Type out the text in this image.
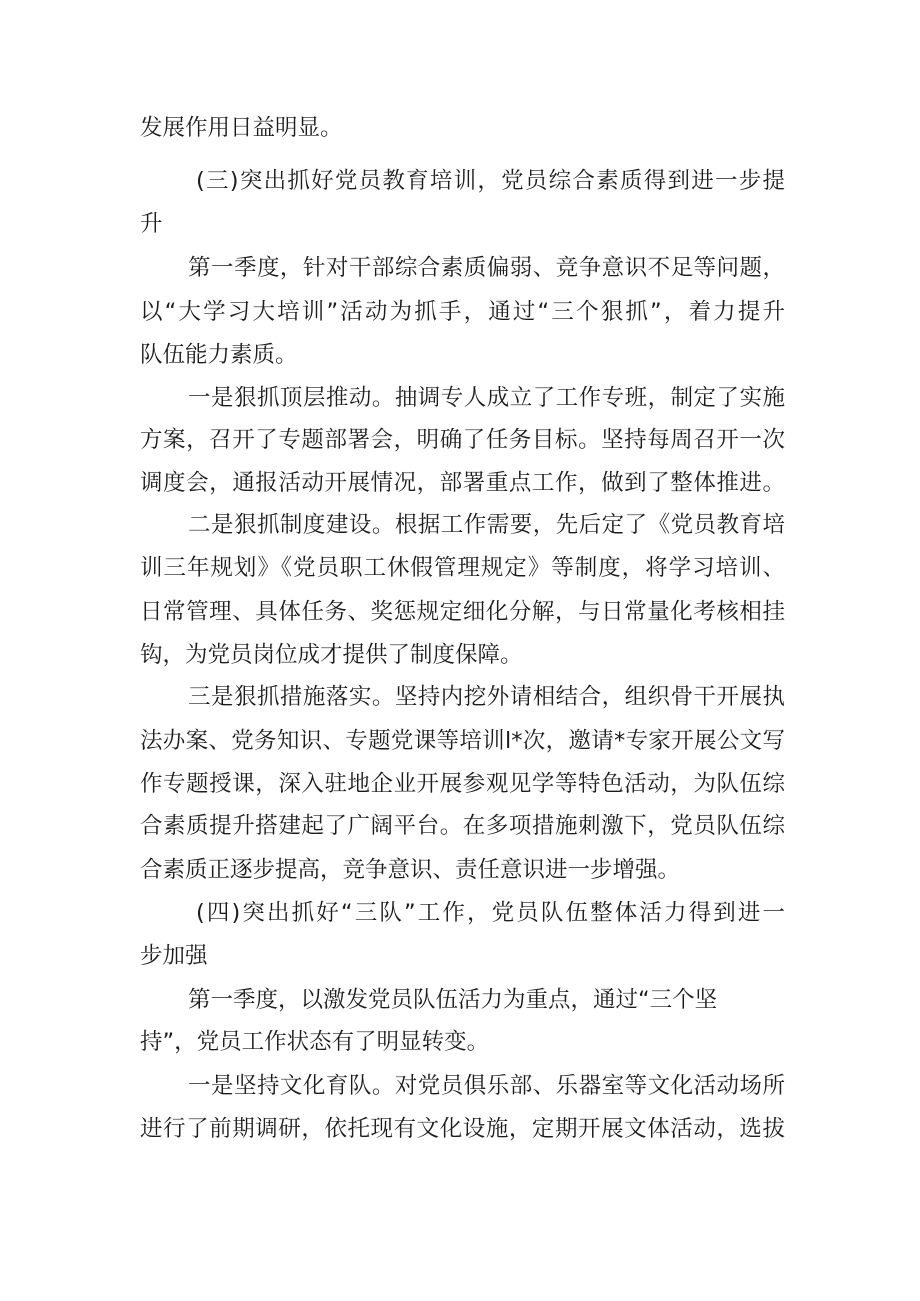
发展作用日益明显。
(三)突出抓好党员教育培训，党员综合素质得到进一步提
升
第一季度，针对干部综合素质偏弱、竞争意识不足等问题，
以“大学习大培训”活动为抓手，通过“三个狠抓”，着力提升
队伍能力素质。
一是狠抓顶层推动。抽调专人成立了工作专班，制定了实施
方案，召开了专题部署会，明确了任务目标。坚持每周召开一次
调度会，通报活动开展情况，部署重点工作，做到了整体推进。
二是狠抓制度建设。根据工作需要，先后定了《党员教育培
训三年规划》《党员职工休假管理规定》等制度，将学习培训、
日常管理、具体任务、奖惩规定细化分解，与日常量化考核相挂
钩，为党员岗位成才提供了制度保障。
三是狠抓措施落实。坚持内挖外请相结合，组织骨干开展执
法办案、党务知识、专题党课等培训l*次，邀请*专家开展公文写
作专题授课，深入驻地企业开展参观见学等特色活动，为队伍综
合素质提升搭建起了广阔平台。在多项措施刺激下，党员队伍综
合素质正逐步提高，竞争意识、责任意识进一步增强。
(四)突出抓好“三队”工作，党员队伍整体活力得到进一
步加强
第一季度，以激发党员队伍活力为重点，通过“三个坚
持”，党员工作状态有了明显转变。
一是坚持文化育队。对党员俱乐部、乐器室等文化活动场所
进行了前期调研，依托现有文化设施，定期开展文体活动，选拔
